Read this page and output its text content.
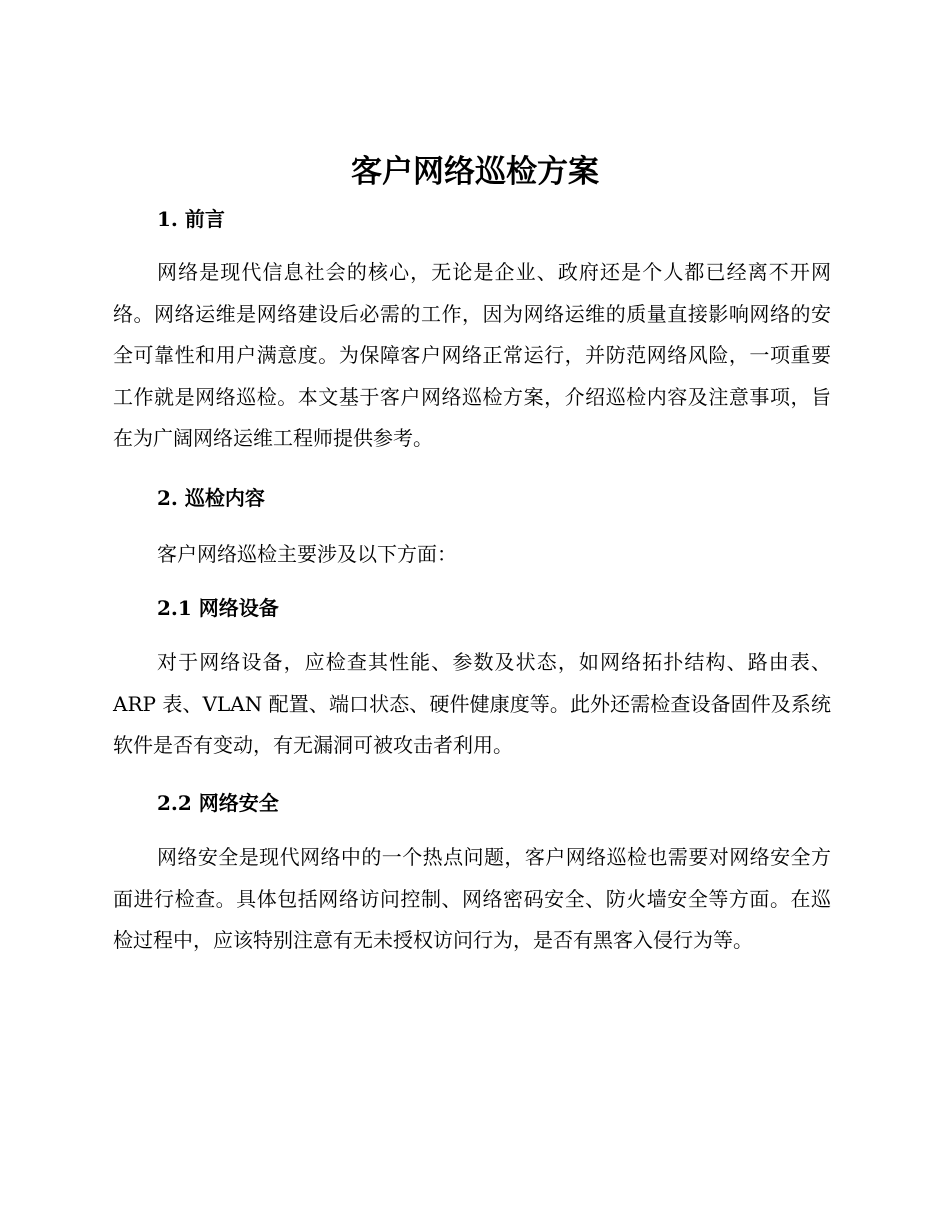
客户网络巡检方案
1. 前言

网络是现代信息社会的核心，无论是企业、政府还是个人都已经离不开网络。网络运维是网络建设后必需的工作，因为网络运维的质量直接影响网络的安全可靠性和用户满意度。为保障客户网络正常运行，并防范网络风险，一项重要工作就是网络巡检。本文基于客户网络巡检方案，介绍巡检内容及注意事项，旨在为广阔网络运维工程师提供参考。

2. 巡检内容

客户网络巡检主要涉及以下方面：

2.1 网络设备

对于网络设备，应检查其性能、参数及状态，如网络拓扑结构、路由表、ARP 表、VLAN 配置、端口状态、硬件健康度等。此外还需检查设备固件及系统软件是否有变动，有无漏洞可被攻击者利用。

2.2 网络安全

网络安全是现代网络中的一个热点问题，客户网络巡检也需要对网络安全方面进行检查。具体包括网络访问控制、网络密码安全、防火墙安全等方面。在巡检过程中，应该特别注意有无未授权访问行为，是否有黑客入侵行为等。
